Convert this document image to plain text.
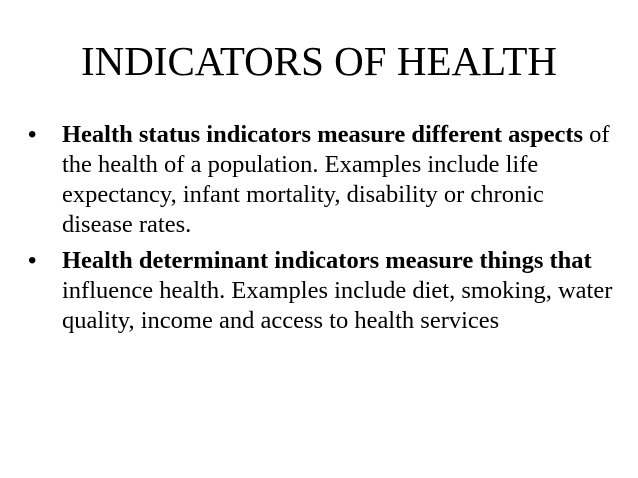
INDICATORS OF HEALTH
•	Health status indicators measure different aspects of the health of a population. Examples include life expectancy, infant mortality, disability or chronic disease rates.
•	Health determinant indicators measure things that influence health. Examples include diet, smoking, water quality, income and access to health services
